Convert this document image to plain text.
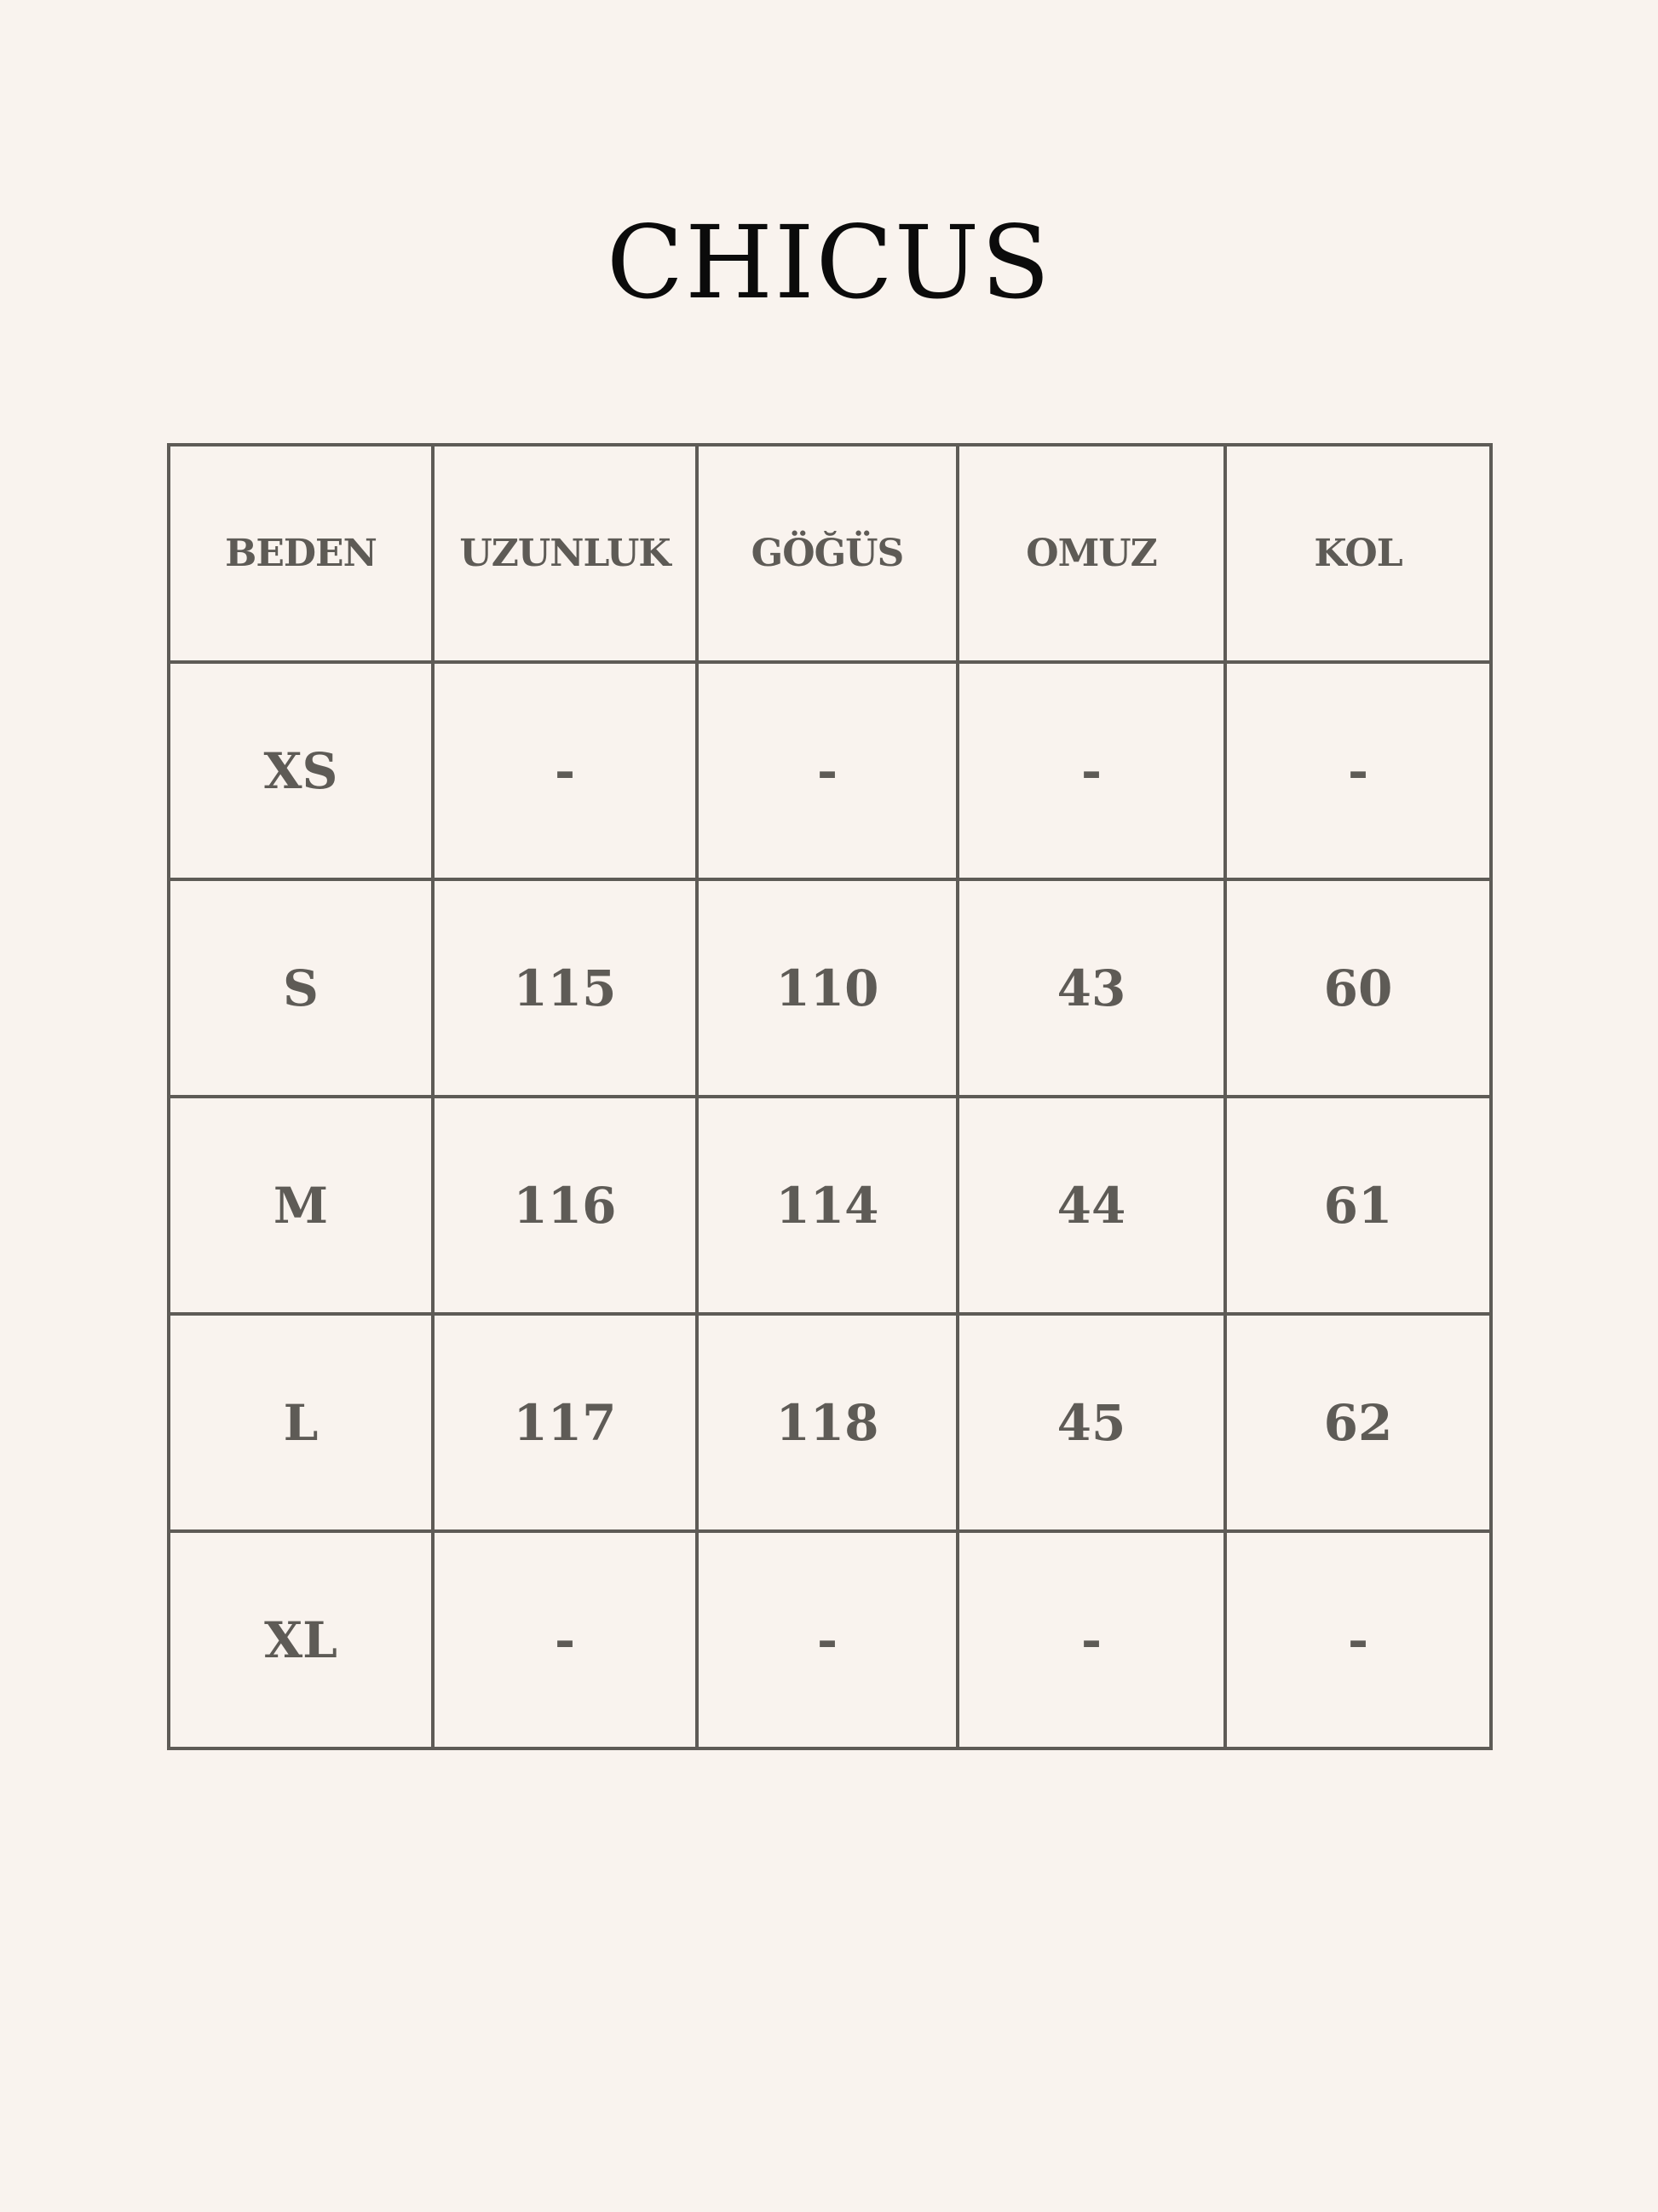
CHICUS
BEDEN	UZUNLUK	GÖĞÜS	OMUZ	KOL
XS	-	-	-	-
S	115	110	43	60
M	116	114	44	61
L	117	118	45	62
XL	-	-	-	-
